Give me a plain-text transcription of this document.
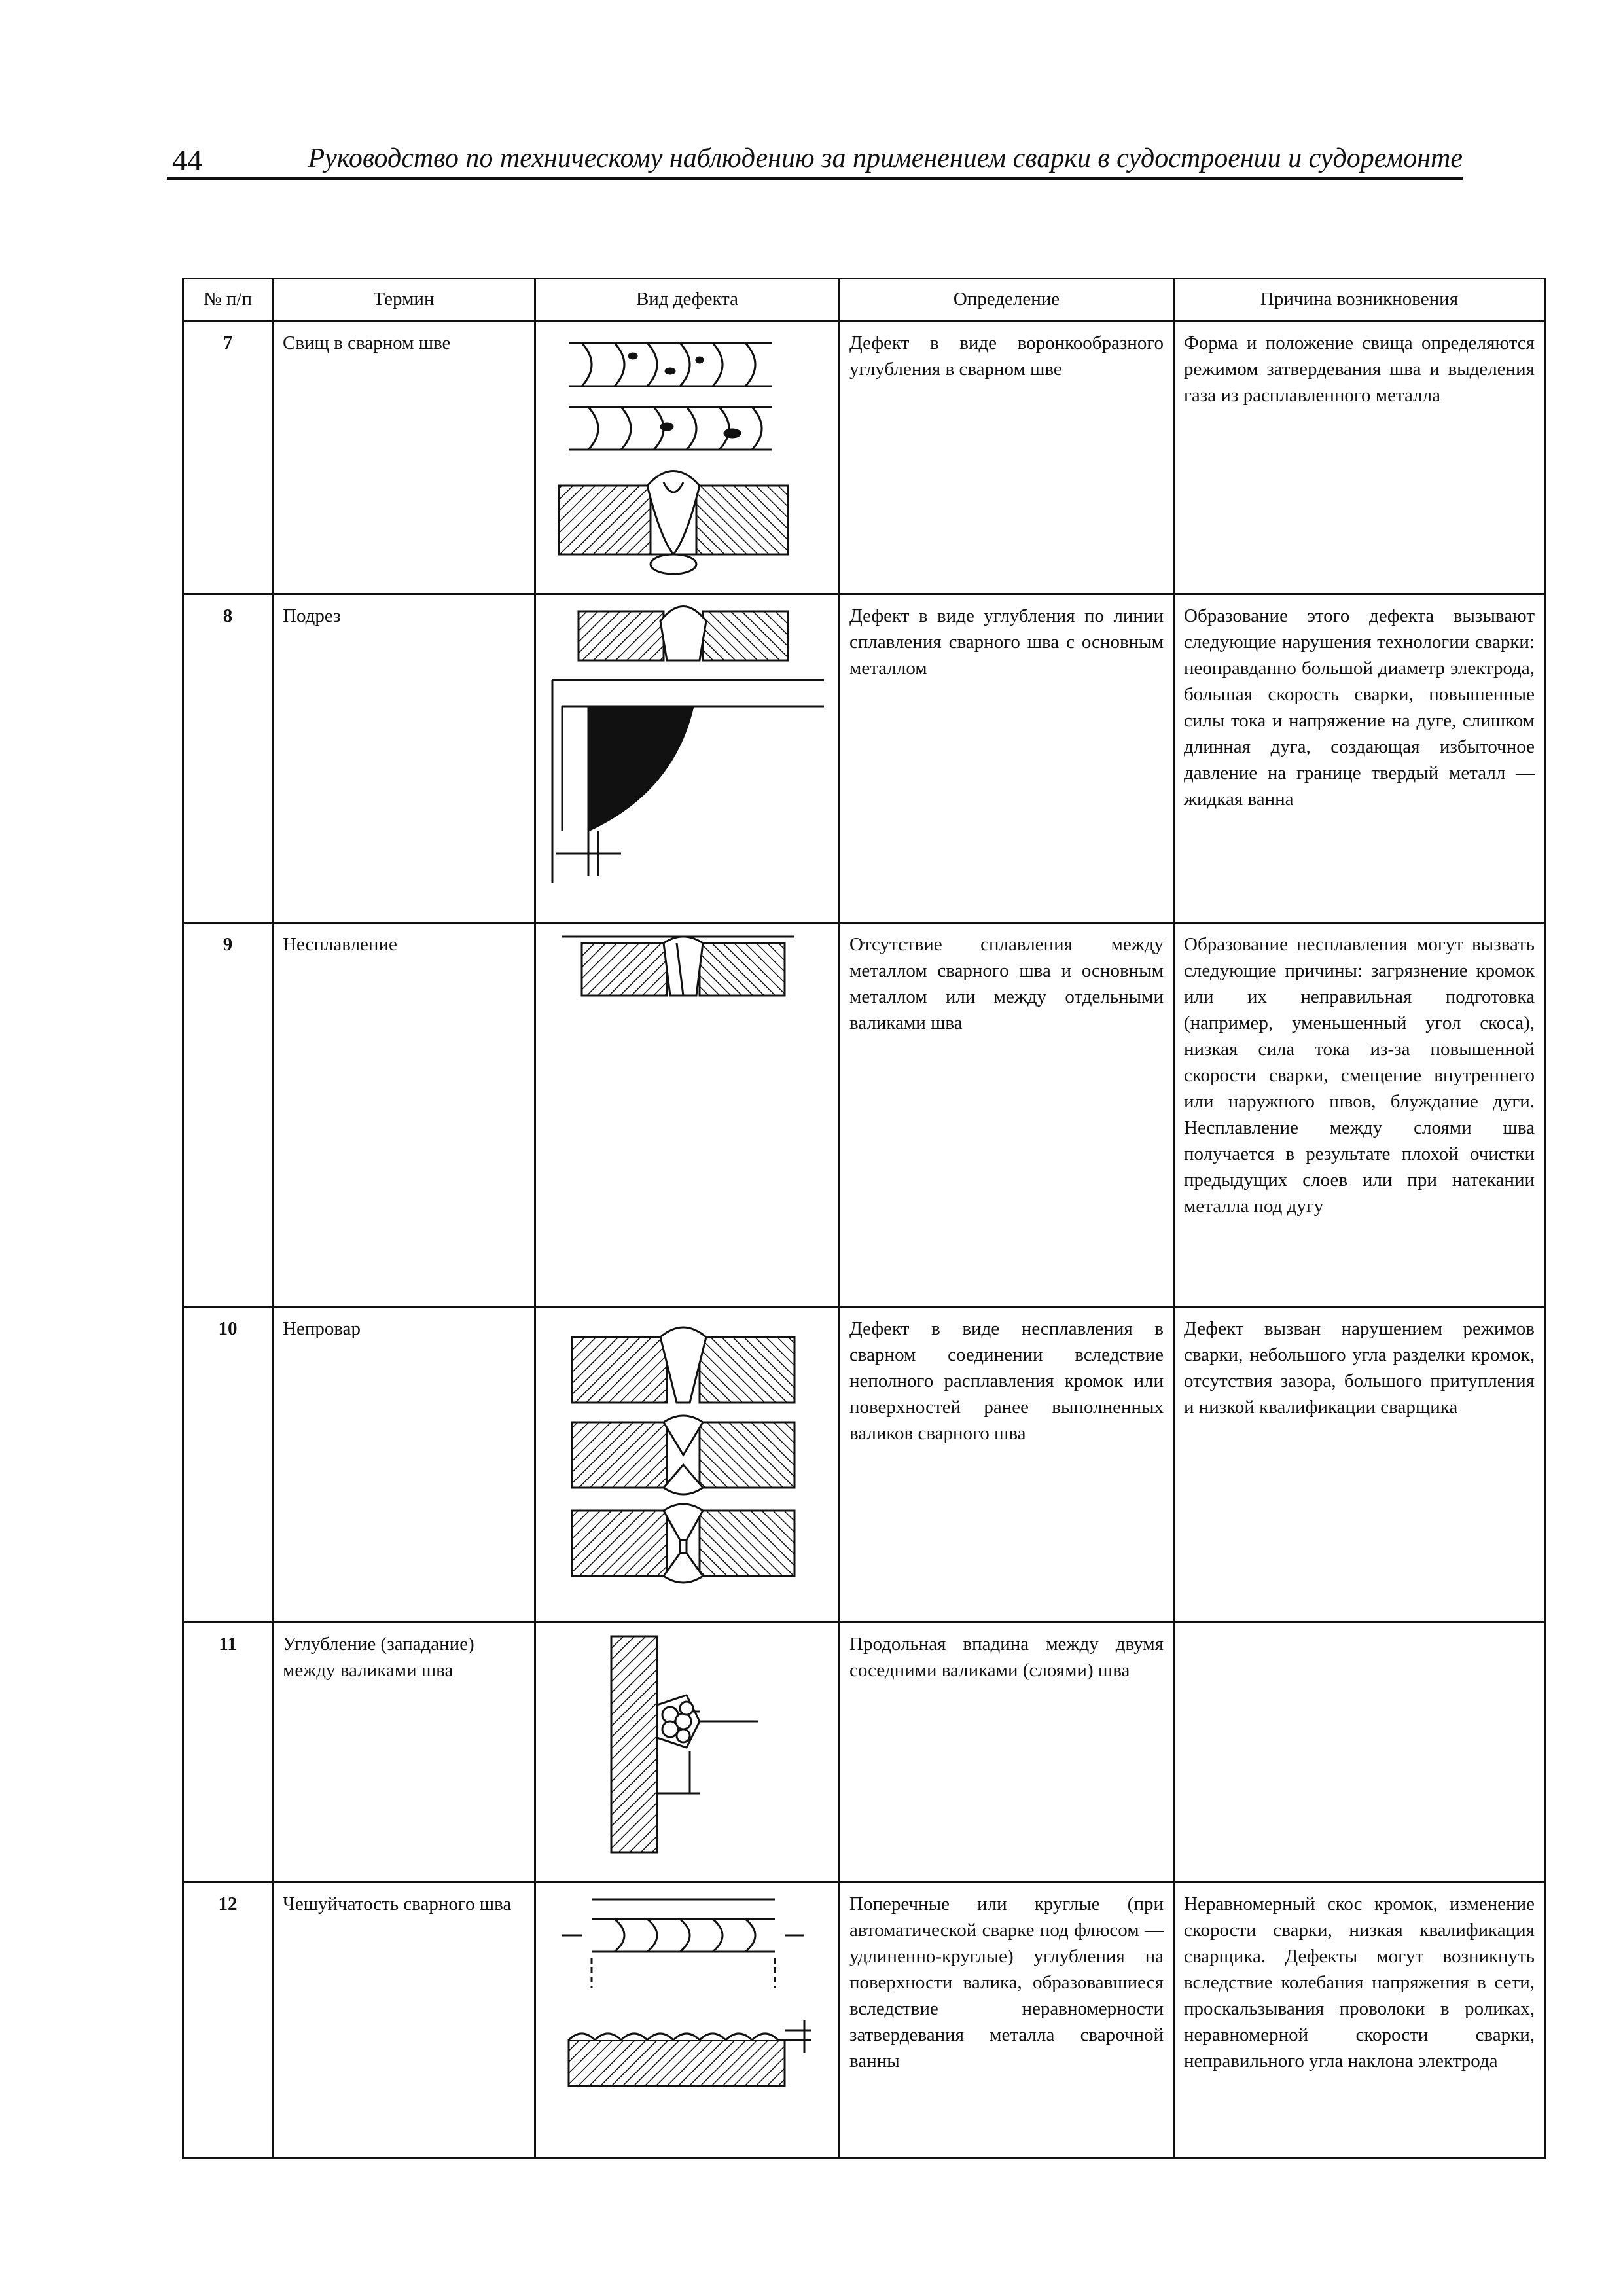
44	Руководство по техническому наблюдению за применением сварки в судостроении и судоремонте
№ п/п	Термин	Вид дефекта	Определение	Причина возникновения
7	Свищ в сварном шве		Дефект в виде воронкообразного углубления в сварном шве	Форма и положение свища определяются режимом затвердевания шва и выделения газа из расплавленного металла
8	Подрез		Дефект в виде углубления по линии сплавления сварного шва с основным металлом	Образование этого дефекта вызывают следующие нарушения технологии сварки: неоправданно большой диаметр электрода, большая скорость сварки, повышенные силы тока и напряжение на дуге, слишком длинная дуга, создающая избыточное давление на границе твердый металл — жидкая ванна
9	Несплавление		Отсутствие сплавления между металлом сварного шва и основным металлом или между отдельными валиками шва	Образование несплавления могут вызвать следующие причины: загрязнение кромок или их неправильная подготовка (например, уменьшенный угол скоса), низкая сила тока из-за повышенной скорости сварки, смещение внутреннего или наружного швов, блуждание дуги. Несплавление между слоями шва получается в результате плохой очистки предыдущих слоев или при натекании металла под дугу
10	Непровар		Дефект в виде несплавления в сварном соединении вследствие неполного расплавления кромок или поверхностей ранее выполненных валиков сварного шва	Дефект вызван нарушением режимов сварки, небольшого угла разделки кромок, отсутствия зазора, большого притупления и низкой квалификации сварщика
11	Углубление (западание) между валиками шва		Продольная впадина между двумя соседними валиками (слоями) шва	
12	Чешуйчатость сварного шва		Поперечные или круглые (при автоматической сварке под флюсом — удлиненно-круглые) углубления на поверхности валика, образовавшиеся вследствие неравномерности затвердевания металла сварочной ванны	Неравномерный скос кромок, изменение скорости сварки, низкая квалификация сварщика. Дефекты могут возникнуть вследствие колебания напряжения в сети, проскальзывания проволоки в роликах, неравномерной скорости сварки, неправильного угла наклона электрода
